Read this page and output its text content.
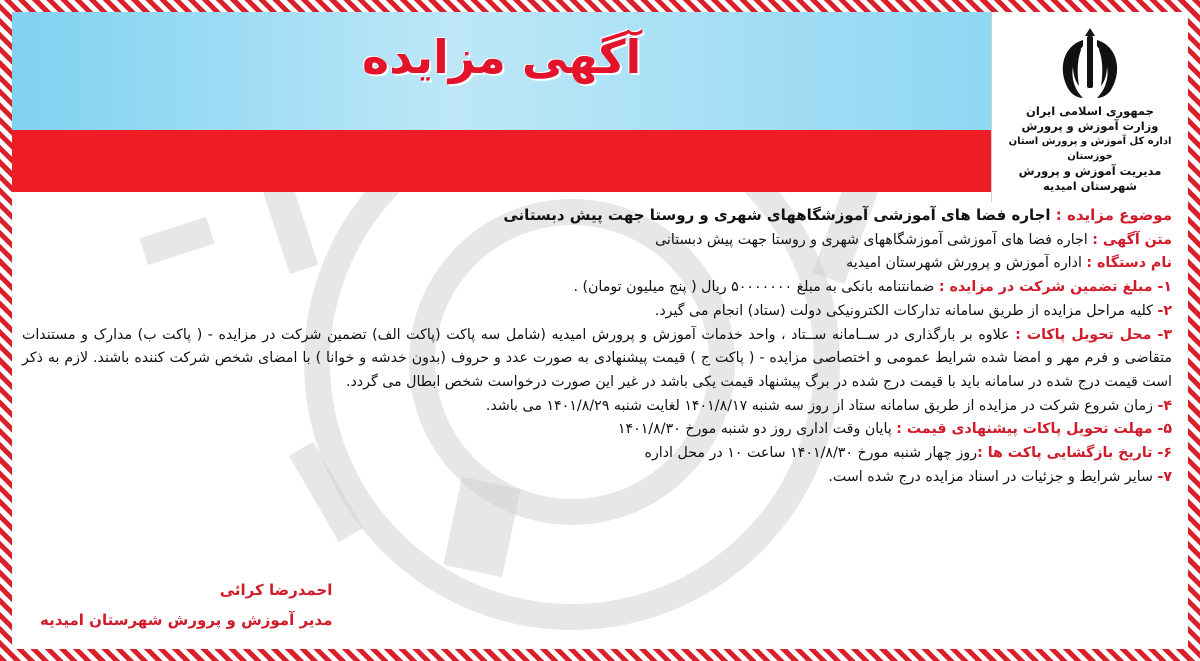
آگهی مزایده
جمهوری اسلامی ایران
وزارت آموزش و پرورش
اداره کل آموزش و پرورش استان خوزستان
مدیریت آموزش و پرورش
شهرستان امیدیه

موضوع مزایده : اجاره فضا های آموزشی آموزشگاههای شهری و روستا جهت پیش دبستانی

متن آگهی : اجاره فضا های آموزشی آموزشگاههای شهری و روستا جهت پیش دبستانی

نام دستگاه : اداره آموزش و پرورش شهرستان امیدیه

۱- مبلغ تضمین شرکت در مزایده : ضمانتنامه بانکی به مبلغ ۵۰۰۰۰۰۰۰ ریال ( پنج میلیون تومان) .

۲- کلیه مراحل مزایده از طریق سامانه تدارکات الکترونیکی دولت (ستاد) انجام می گیرد.

۳- محل تحویل پاکات : علاوه بر بارگذاری در ســامانه ســتاد ، واحد خدمات آموزش و پرورش امیدیه (شامل سه پاکت (پاکت الف) تضمین شرکت در مزایده - ( پاکت ب) مدارک و مستندات متقاضی و فرم مهر و امضا شده شرایط عمومی و اختصاصی مزایده - ( پاکت ج ) قیمت پیشنهادی به صورت عدد و حروف (بدون خدشه و خوانا ) با امضای شخص شرکت کننده باشند. لازم به ذکر است قیمت درج شده در سامانه باید با قیمت درج شده در برگ پیشنهاد قیمت یکی باشد در غیر این صورت درخواست شخص ابطال می گردد.

۴- زمان شروع شرکت در مزایده از طریق سامانه ستاد از روز سه شنبه ۱۴۰۱/۸/۱۷ لغایت شنبه ۱۴۰۱/۸/۲۹ می باشد.

۵- مهلت تحویل پاکات پیشنهادی قیمت : پایان وقت اداری روز دو شنبه مورخ ۱۴۰۱/۸/۳۰

۶- تاریخ بازگشایی پاکت ها :روز چهار شنبه مورخ ۱۴۰۱/۸/۳۰ ساعت ۱۰ در محل اداره

۷- سایر شرایط و جزئیات در اسناد مزایده درج شده است.

احمدرضا کرائی
مدیر آموزش و پرورش شهرستان امیدیه
